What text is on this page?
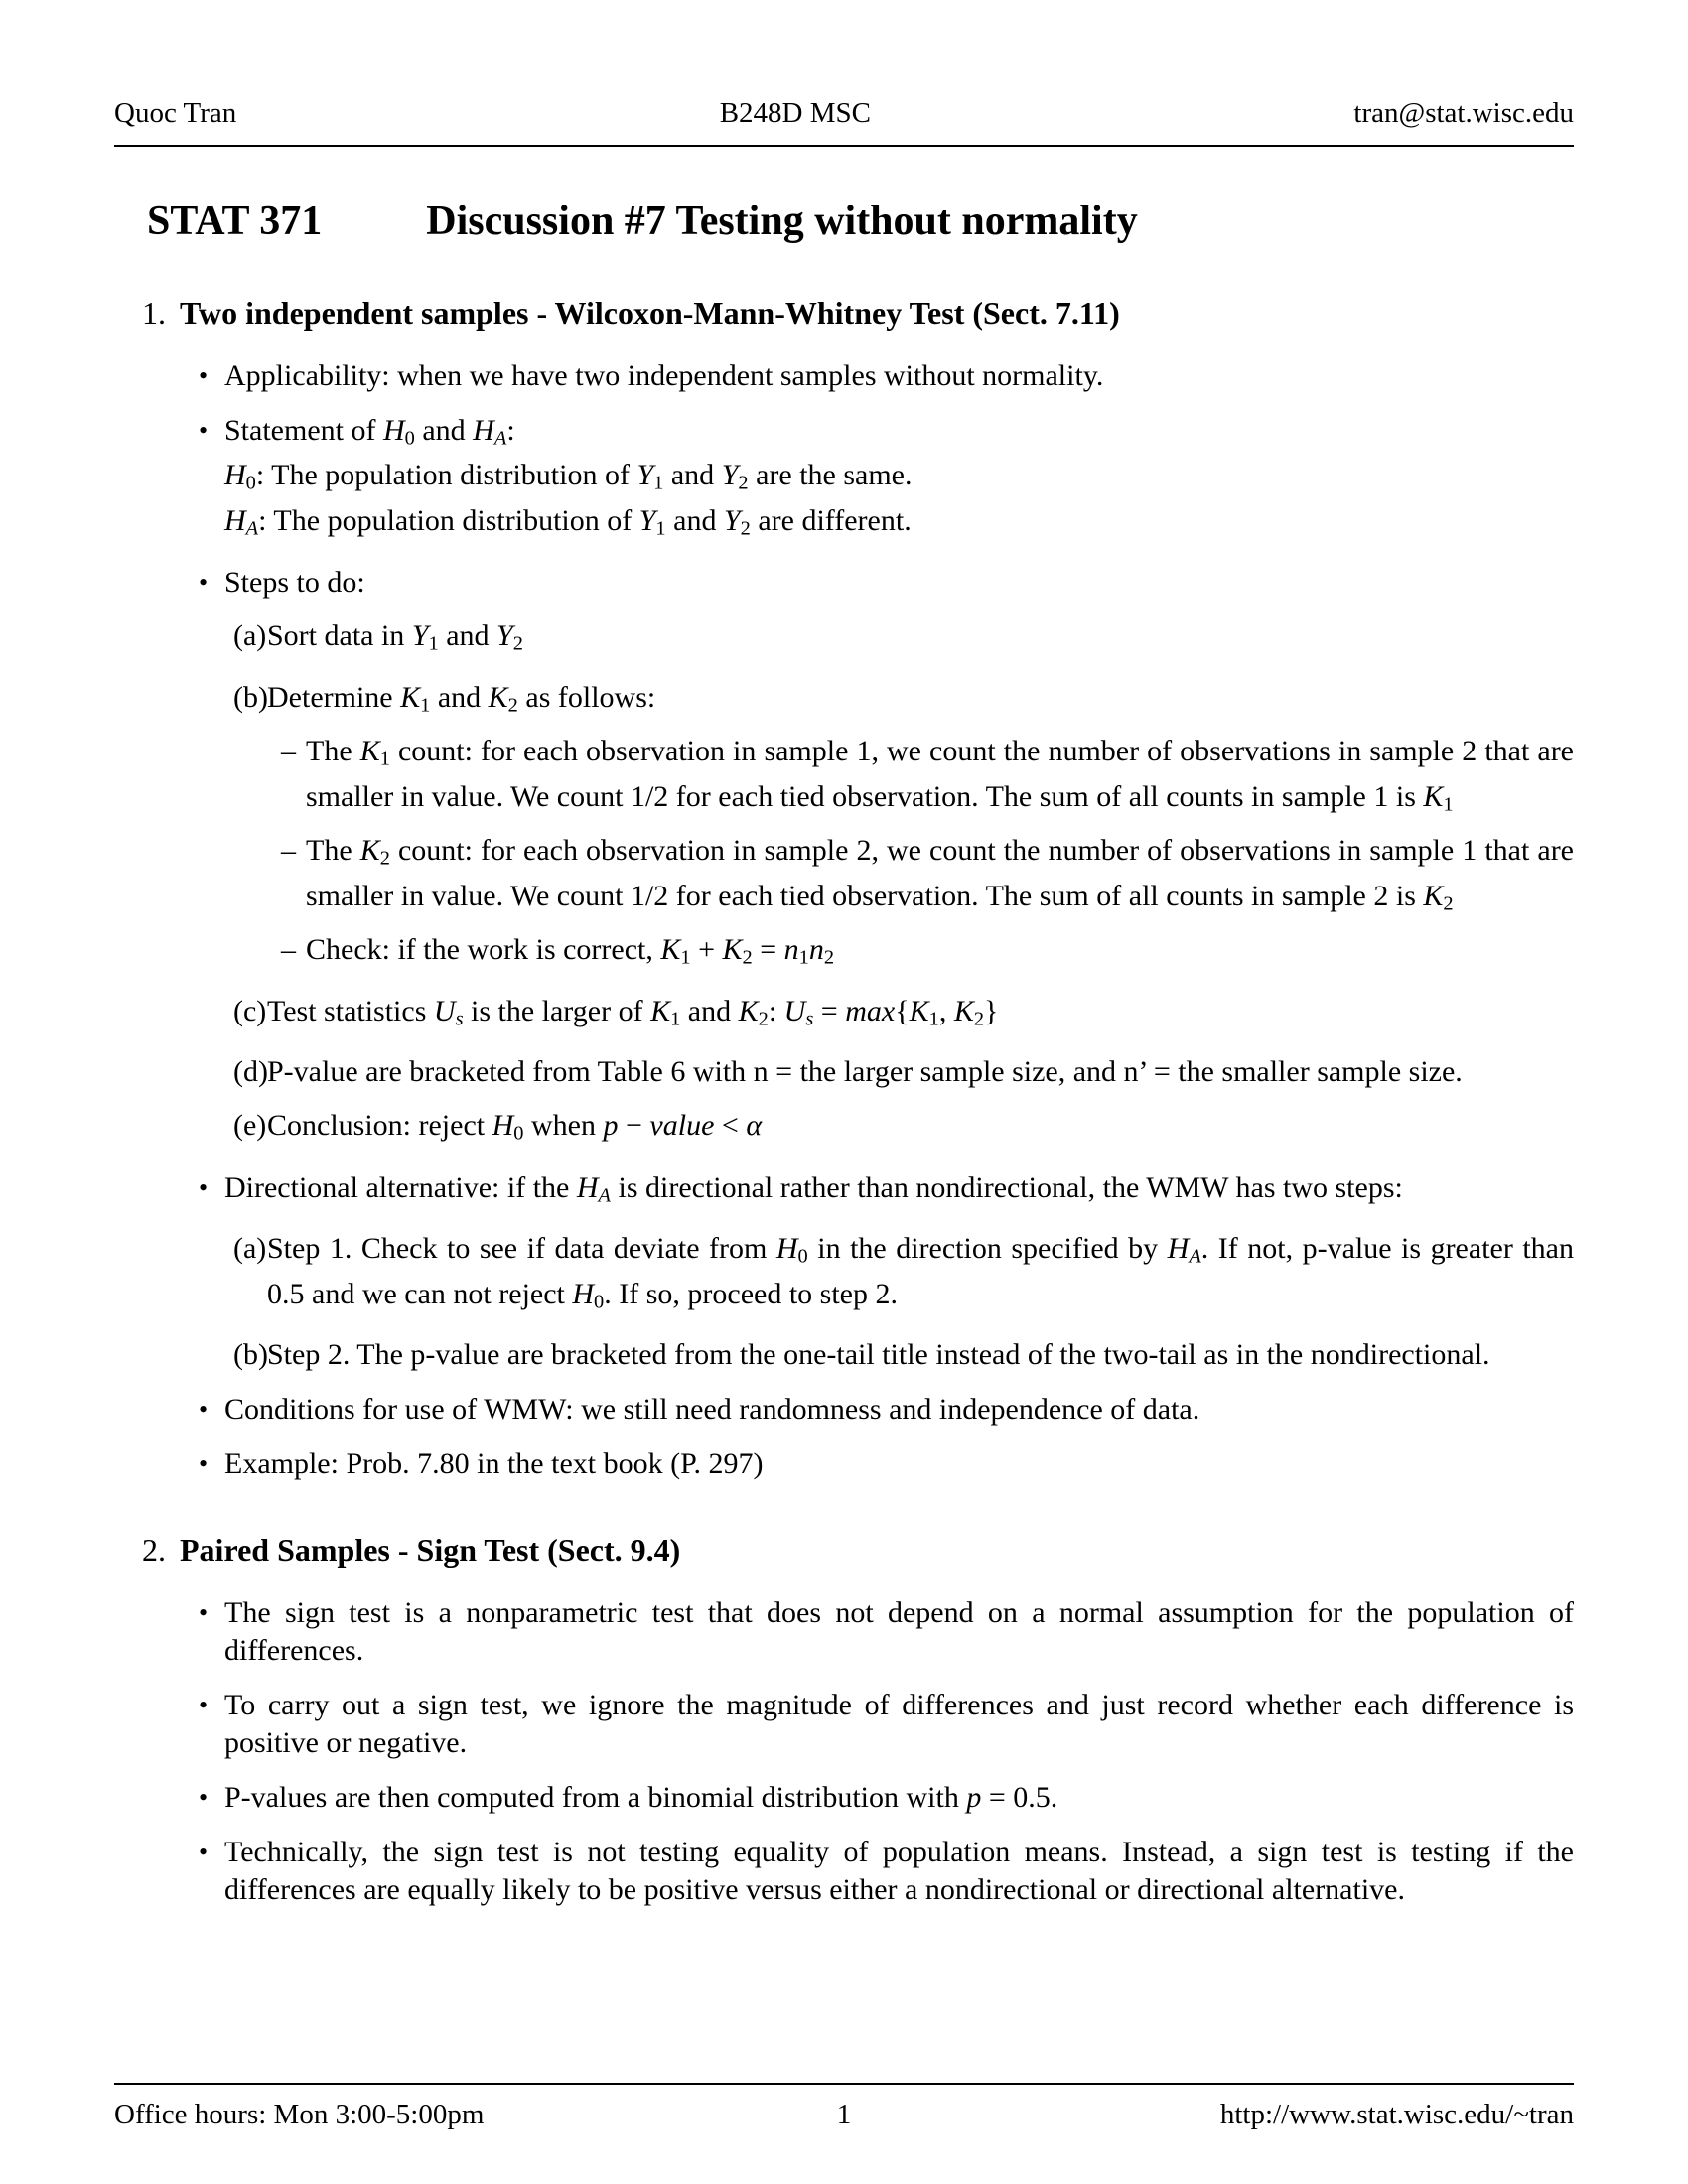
Quoc Tran	B248D MSC	tran@stat.wisc.edu
STAT 371	Discussion #7 Testing without normality
1. Two independent samples - Wilcoxon-Mann-Whitney Test (Sect. 7.11)
• Applicability: when we have two independent samples without normality.
• Statement of H0 and HA:
H0: The population distribution of Y1 and Y2 are the same.
HA: The population distribution of Y1 and Y2 are different.
• Steps to do:
(a) Sort data in Y1 and Y2
(b) Determine K1 and K2 as follows:
– The K1 count: for each observation in sample 1, we count the number of observations in sample 2 that are smaller in value. We count 1/2 for each tied observation. The sum of all counts in sample 1 is K1
– The K2 count: for each observation in sample 2, we count the number of observations in sample 1 that are smaller in value. We count 1/2 for each tied observation. The sum of all counts in sample 2 is K2
– Check: if the work is correct, K1 + K2 = n1n2
(c) Test statistics Us is the larger of K1 and K2: Us = max{K1, K2}
(d) P-value are bracketed from Table 6 with n = the larger sample size, and n’ = the smaller sample size.
(e) Conclusion: reject H0 when p − value < α
• Directional alternative: if the HA is directional rather than nondirectional, the WMW has two steps:
(a) Step 1. Check to see if data deviate from H0 in the direction specified by HA. If not, p-value is greater than 0.5 and we can not reject H0. If so, proceed to step 2.
(b) Step 2. The p-value are bracketed from the one-tail title instead of the two-tail as in the nondirectional.
• Conditions for use of WMW: we still need randomness and independence of data.
• Example: Prob. 7.80 in the text book (P. 297)
2. Paired Samples - Sign Test (Sect. 9.4)
• The sign test is a nonparametric test that does not depend on a normal assumption for the population of differences.
• To carry out a sign test, we ignore the magnitude of differences and just record whether each difference is positive or negative.
• P-values are then computed from a binomial distribution with p = 0.5.
• Technically, the sign test is not testing equality of population means. Instead, a sign test is testing if the differences are equally likely to be positive versus either a nondirectional or directional alternative.
Office hours: Mon 3:00-5:00pm	1	http://www.stat.wisc.edu/~tran
